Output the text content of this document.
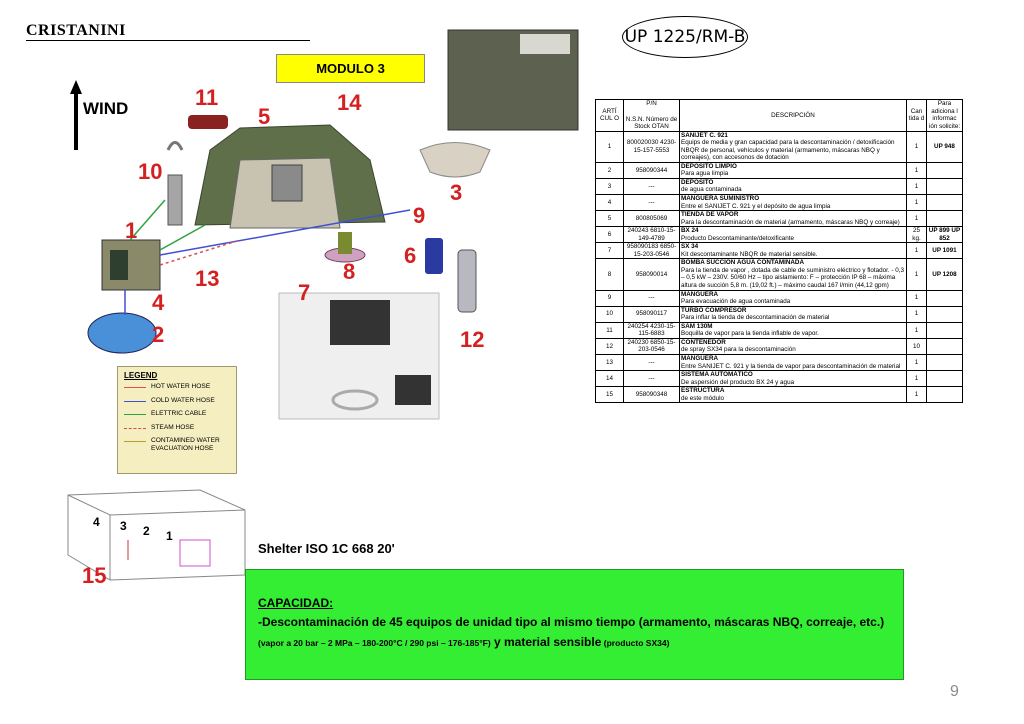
CRISTANINI
MODULO 3
UP 1225/RM-B
WIND	11
5
14
10
3
9
1
6
8
13
7
4
2	12
15
4 3 2 1
LEGEND
HOT WATER HOSE
COLD WATER HOSE
ELETTRIC CABLE
STEAM HOSE
CONTAMINED WATER EVACUATION HOSE
Shelter ISO 1C 668 20'
ARTÍ CUL O	P/N
N.S.N. Número de Stock OTAN	DESCRIPCIÓN	Can tida d	Para adiciona l informac ión solicite:
1	800020030 4230-15-157-5553	SANIJET C. 921
Equips de media y gran capacidad para la descontaminación / detoxificación NBQR de personal, vehículos y material (armamento, máscaras NBQ y correajes), con accesonos de dotación	1	UP 948
2	958090344	DEPÓSITO LIMPIO
Para agua limpia	1	
3	---	DEPÓSITO
de agua contaminada	1	
4	---	MANGUERA SUMINISTRO
Entre el SANIJET C. 921 y el depósito de agua limpia	1	
5	800805069	TIENDA DE VAPOR
Para la descontaminación de material (armamento, máscaras NBQ y correaje)	1	
6	240243 6810-15-149-4789	BX 24
Producto Descontaminante/detoxificante	25 kg.	UP 899 UP 852
7	958090183 6850-15-203-0546	SX 34
Kit descontaminante NBQR de material sensible.	1	UP 1091
8	958090014	BOMBA SUCCION AGUA CONTAMINADA
Para la tienda de vapor , dotada de cable de suministro eléctrico y flotador. - 0,3 – 0,5 kW – 230V. 50/60 Hz – tipo aislamiento: F – protección IP 68 – máxima altura de succión 5,8 m. (19,02 ft.) – máximo caudal 167 l/min (44,12 gpm)	1	UP 1208
9	---	MANGUERA
Para evacuación de agua contaminada	1	
10	958090117	TURBO COMPRESOR
Para inflar la tienda de descontaminación de material	1	
11	240254 4230-15-115-6883	SAM 130M
Boquilla de vapor para la tienda inflable de vapor.	1	
12	240230 6850-15-203-0546	CONTENEDOR
de spray SX34 para la descontaminación	10	
13	---	MANGUERA
Entre SANIJET C. 921 y la tienda de vapor para descontaminación de material	1	
14	---	SISTEMA AUTOMÁTICO
De aspersión del producto BX 24 y agua	1	
15	958090348	ESTRUCTURA
de este módulo	1	
CAPACIDAD:
-Descontaminación de 45 equipos de unidad tipo al mismo tiempo (armamento, máscaras NBQ, correaje, etc.)
(vapor a 20 bar – 2 MPa – 180-200°C / 290 psi – 176-185°F) y material sensible (producto SX34)
9
